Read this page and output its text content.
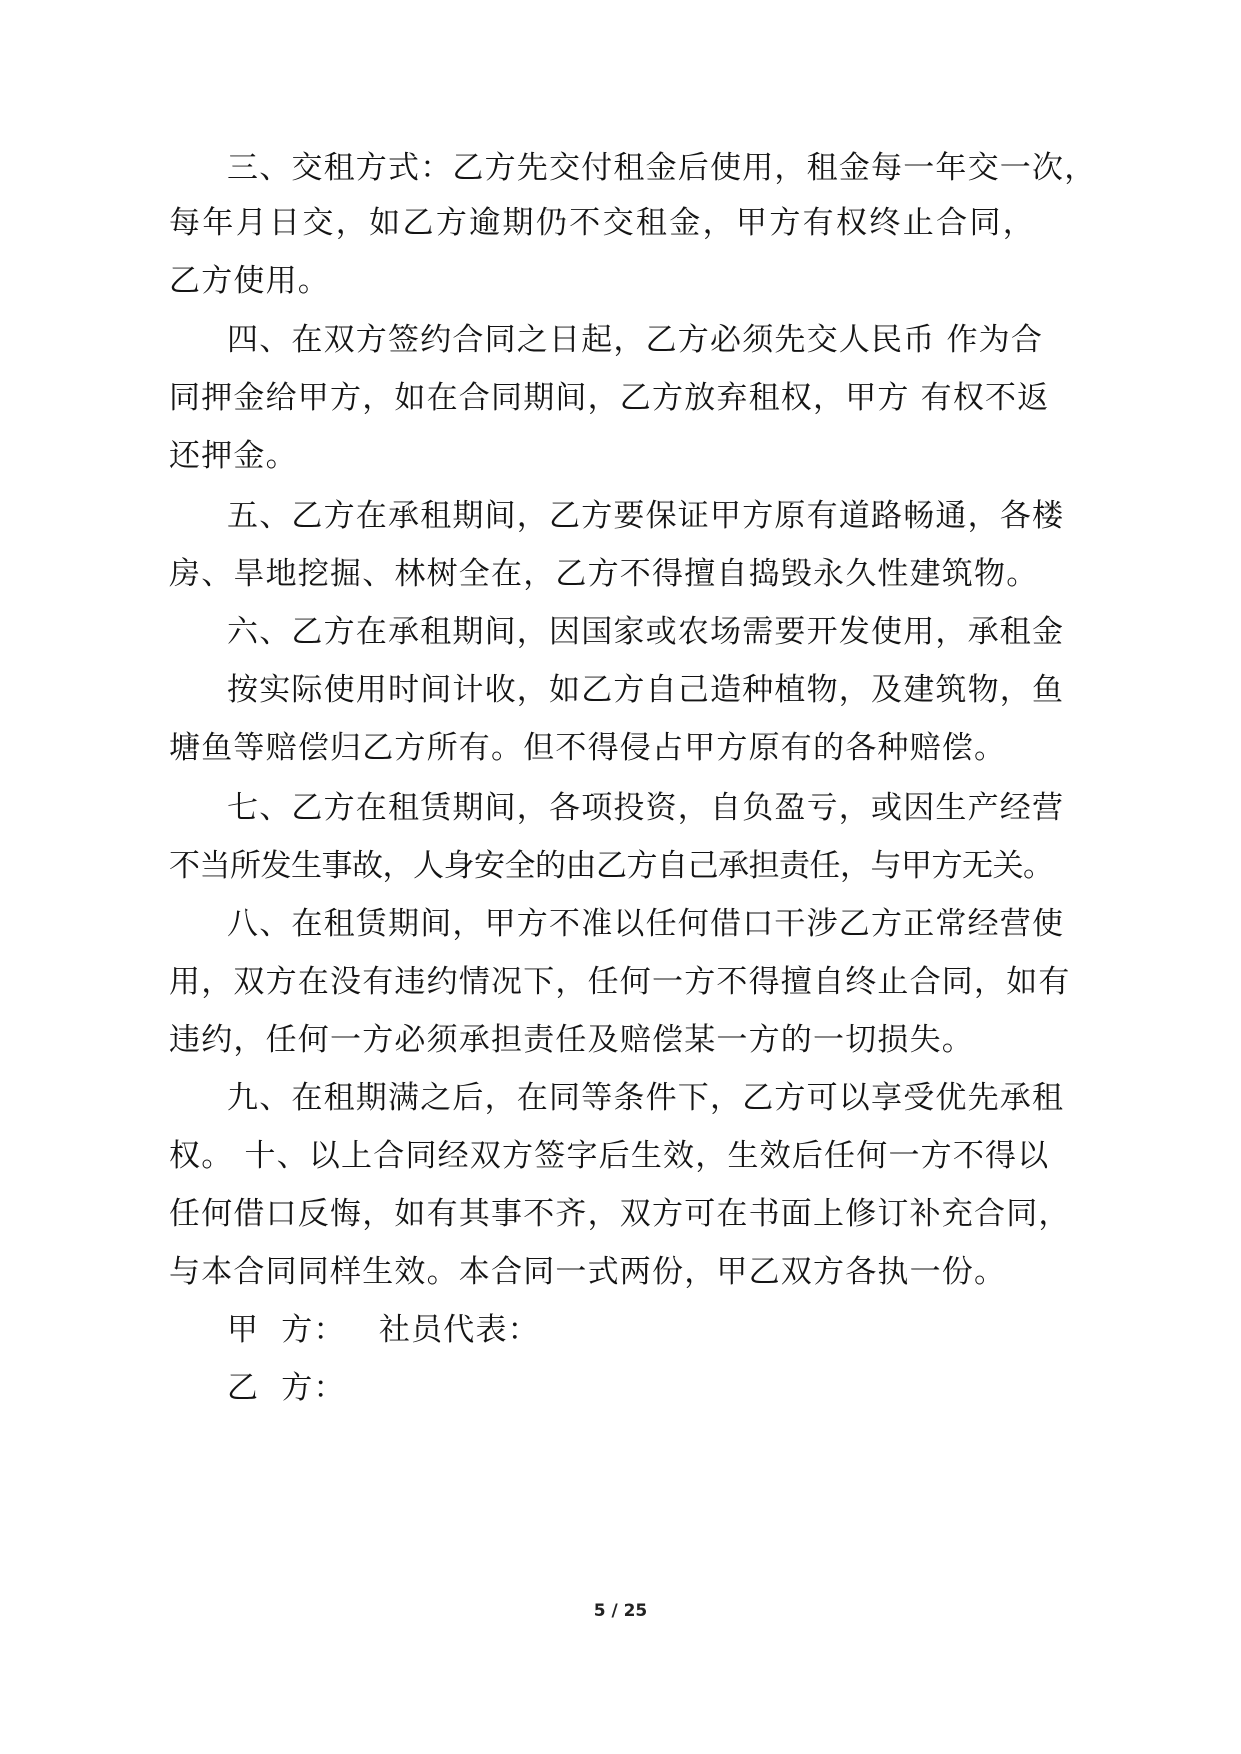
三、交租方式：乙方先交付租金后使用，租金每一年交一次，
每年月日交，如乙方逾期仍不交租金，甲方有权终止合同，
乙方使用。
四、在双方签约合同之日起，乙方必须先交人民币 作为合
同押金给甲方，如在合同期间，乙方放弃租权，甲方 有权不返
还押金。
五、乙方在承租期间，乙方要保证甲方原有道路畅通，各楼
房、旱地挖掘、林树全在，乙方不得擅自捣毁永久性建筑物。
六、乙方在承租期间，因国家或农场需要开发使用，承租金
按实际使用时间计收，如乙方自己造种植物，及建筑物，鱼
塘鱼等赔偿归乙方所有。但不得侵占甲方原有的各种赔偿。
七、乙方在租赁期间，各项投资，自负盈亏，或因生产经营
不当所发生事故，人身安全的由乙方自己承担责任，与甲方无关。
八、在租赁期间，甲方不准以任何借口干涉乙方正常经营使
用，双方在没有违约情况下，任何一方不得擅自终止合同，如有
违约，任何一方必须承担责任及赔偿某一方的一切损失。
九、在租期满之后，在同等条件下，乙方可以享受优先承租
权。 十、以上合同经双方签字后生效，生效后任何一方不得以
任何借口反悔，如有其事不齐，双方可在书面上修订补充合同，
与本合同同样生效。本合同一式两份，甲乙双方各执一份。
甲  方：   社员代表：
乙  方：
5 / 25
